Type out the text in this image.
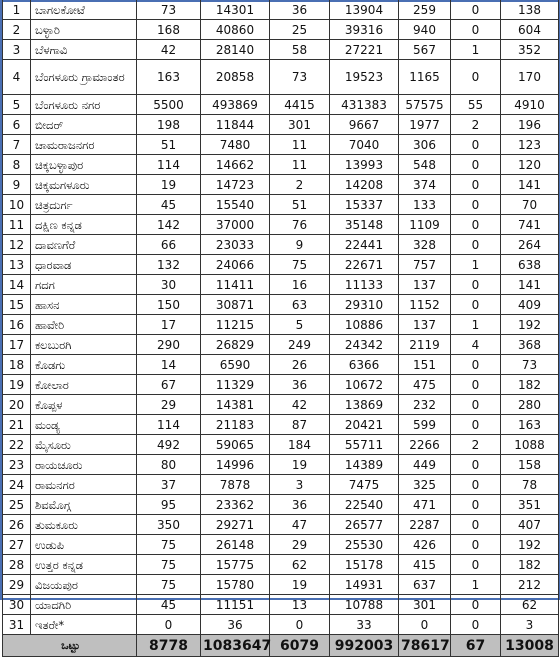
1	ಬಾಗಲಕೋಟೆ	73	14301	36	13904	259	0	138	
2	ಬಳ್ಳಾರಿ	168	40860	25	39316	940	0	604	
3	ಬೆಳಗಾವಿ	42	28140	58	27221	567	1	352	
4	ಬೆಂಗಳೂರು ಗ್ರಾಮಾಂತರ	163	20858	73	19523	1165	0	170	
5	ಬೆಂಗಳೂರು ನಗರ	5500	493869	4415	431383	57575	55	4910	
6	ಬೀದರ್	198	11844	301	9667	1977	2	196	
7	ಚಾಮರಾಜನಗರ	51	7480	11	7040	306	0	123	
8	ಚಿಕ್ಕಬಳ್ಳಾಪುರ	114	14662	11	13993	548	0	120	
9	ಚಿಕ್ಕಮಗಳೂರು	19	14723	2	14208	374	0	141	
10	ಚಿತ್ರದುರ್ಗ	45	15540	51	15337	133	0	70	
11	ದಕ್ಷಿಣ ಕನ್ನಡ	142	37000	76	35148	1109	0	741	
12	ದಾವಣಗೆರೆ	66	23033	9	22441	328	0	264	
13	ಧಾರವಾಡ	132	24066	75	22671	757	1	638	
14	ಗದಗ	30	11411	16	11133	137	0	141	
15	ಹಾಸನ	150	30871	63	29310	1152	0	409	
16	ಹಾವೇರಿ	17	11215	5	10886	137	1	192	
17	ಕಲಬುರಗಿ	290	26829	249	24342	2119	4	368	
18	ಕೊಡಗು	14	6590	26	6366	151	0	73	
19	ಕೋಲಾರ	67	11329	36	10672	475	0	182	
20	ಕೊಪ್ಪಳ	29	14381	42	13869	232	0	280	
21	ಮಂಡ್ಯ	114	21183	87	20421	599	0	163	
22	ಮೈಸೂರು	492	59065	184	55711	2266	2	1088	
23	ರಾಯಚೂರು	80	14996	19	14389	449	0	158	
24	ರಾಮನಗರ	37	7878	3	7475	325	0	78	
25	ಶಿವಮೊಗ್ಗ	95	23362	36	22540	471	0	351	
26	ತುಮಕೂರು	350	29271	47	26577	2287	0	407	
27	ಉಡುಪಿ	75	26148	29	25530	426	0	192	
28	ಉತ್ತರ ಕನ್ನಡ	75	15775	62	15178	415	0	182	
29	ವಿಜಯಪುರ	75	15780	19	14931	637	1	212	
30	ಯಾದಗಿರಿ	45	11151	13	10788	301	0	62	
31	ಇತರೇ*	0	36	0	33	0	0	3	
ಒಟ್ಟು		8778	1083647	6079	992003	78617	67	13008	
